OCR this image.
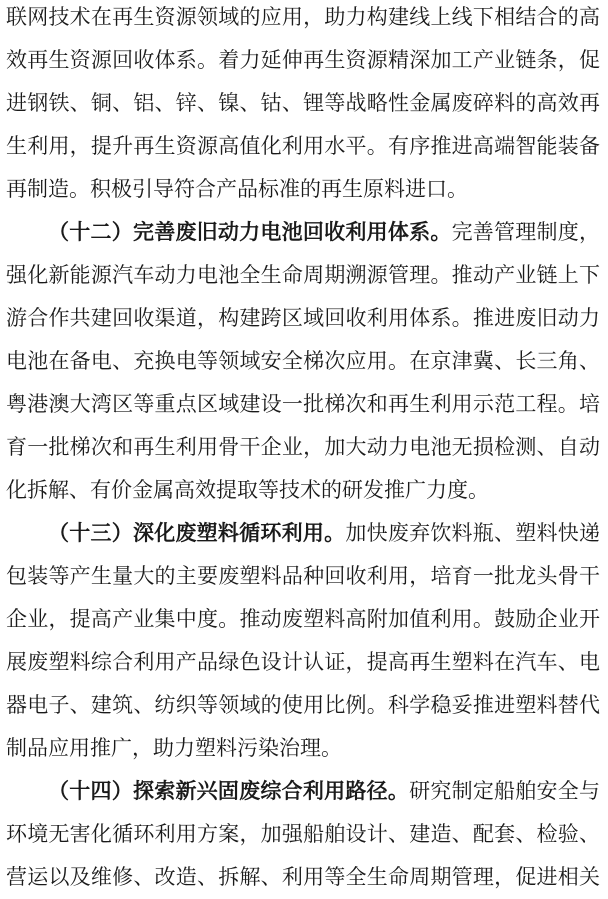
联网技术在再生资源领域的应用，助力构建线上线下相结合的高
效再生资源回收体系。着力延伸再生资源精深加工产业链条，促
进钢铁、铜、铝、锌、镍、钴、锂等战略性金属废碎料的高效再
生利用，提升再生资源高值化利用水平。有序推进高端智能装备
再制造。积极引导符合产品标准的再生原料进口。
（十二）完善废旧动力电池回收利用体系。完善管理制度，
强化新能源汽车动力电池全生命周期溯源管理。推动产业链上下
游合作共建回收渠道，构建跨区域回收利用体系。推进废旧动力
电池在备电、充换电等领域安全梯次应用。在京津冀、长三角、
粤港澳大湾区等重点区域建设一批梯次和再生利用示范工程。培
育一批梯次和再生利用骨干企业，加大动力电池无损检测、自动
化拆解、有价金属高效提取等技术的研发推广力度。
（十三）深化废塑料循环利用。加快废弃饮料瓶、塑料快递
包装等产生量大的主要废塑料品种回收利用，培育一批龙头骨干
企业，提高产业集中度。推动废塑料高附加值利用。鼓励企业开
展废塑料综合利用产品绿色设计认证，提高再生塑料在汽车、电
器电子、建筑、纺织等领域的使用比例。科学稳妥推进塑料替代
制品应用推广，助力塑料污染治理。
（十四）探索新兴固废综合利用路径。研究制定船舶安全与
环境无害化循环利用方案，加强船舶设计、建造、配套、检验、
营运以及维修、改造、拆解、利用等全生命周期管理，促进相关
